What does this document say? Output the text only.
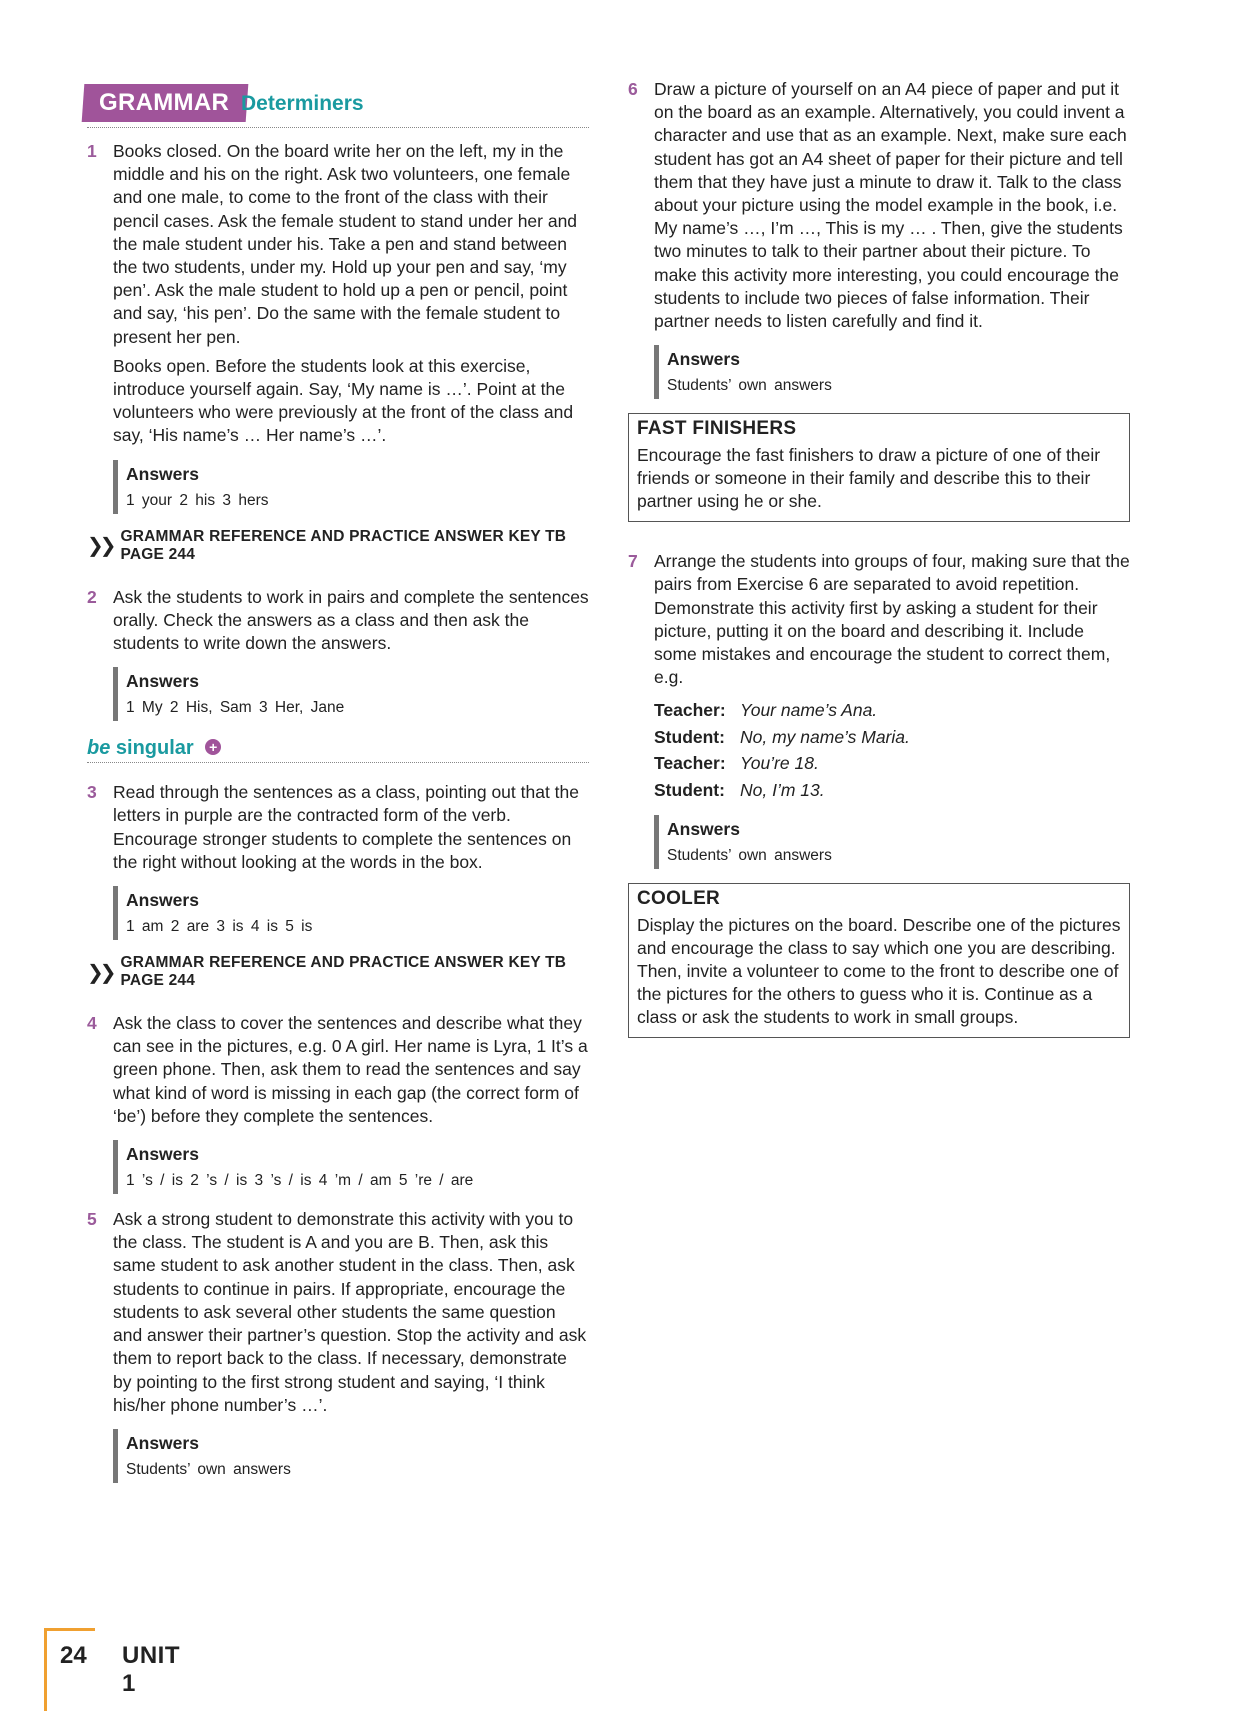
GRAMMAR Determiners
1 Books closed. On the board write her on the left, my in the middle and his on the right. Ask two volunteers, one female and one male, to come to the front of the class with their pencil cases. Ask the female student to stand under her and the male student under his. Take a pen and stand between the two students, under my. Hold up your pen and say, ‘my pen’. Ask the male student to hold up a pen or pencil, point and say, ‘his pen’. Do the same with the female student to present her pen.

Books open. Before the students look at this exercise, introduce yourself again. Say, ‘My name is …’. Point at the volunteers who were previously at the front of the class and say, ‘His name’s … Her name’s …’.

Answers
1 your 2 his 3 hers
❯❯ GRAMMAR REFERENCE AND PRACTICE ANSWER KEY TB PAGE 244
2 Ask the students to work in pairs and complete the sentences orally. Check the answers as a class and then ask the students to write down the answers.

Answers
1 My 2 His, Sam 3 Her, Jane
be singular +
3 Read through the sentences as a class, pointing out that the letters in purple are the contracted form of the verb. Encourage stronger students to complete the sentences on the right without looking at the words in the box.

Answers
1 am 2 are 3 is 4 is 5 is
❯❯ GRAMMAR REFERENCE AND PRACTICE ANSWER KEY TB PAGE 244
4 Ask the class to cover the sentences and describe what they can see in the pictures, e.g. 0 A girl. Her name is Lyra, 1 It’s a green phone. Then, ask them to read the sentences and say what kind of word is missing in each gap (the correct form of ‘be’) before they complete the sentences.

Answers
1 ’s / is 2 ’s / is 3 ’s / is 4 ’m / am 5 ’re / are
5 Ask a strong student to demonstrate this activity with you to the class. The student is A and you are B. Then, ask this same student to ask another student in the class. Then, ask students to continue in pairs. If appropriate, encourage the students to ask several other students the same question and answer their partner’s question. Stop the activity and ask them to report back to the class. If necessary, demonstrate by pointing to the first strong student and saying, ‘I think his/her phone number’s …’.

Answers
Students’ own answers
6 Draw a picture of yourself on an A4 piece of paper and put it on the board as an example. Alternatively, you could invent a character and use that as an example. Next, make sure each student has got an A4 sheet of paper for their picture and tell them that they have just a minute to draw it. Talk to the class about your picture using the model example in the book, i.e. My name’s …, I’m …, This is my … . Then, give the students two minutes to talk to their partner about their picture. To make this activity more interesting, you could encourage the students to include two pieces of false information. Their partner needs to listen carefully and find it.

Answers
Students’ own answers
FAST FINISHERS
Encourage the fast finishers to draw a picture of one of their friends or someone in their family and describe this to their partner using he or she.
7 Arrange the students into groups of four, making sure that the pairs from Exercise 6 are separated to avoid repetition. Demonstrate this activity first by asking a student for their picture, putting it on the board and describing it. Include some mistakes and encourage the student to correct them, e.g.

Teacher: Your name’s Ana.
Student: No, my name’s Maria.
Teacher: You’re 18.
Student: No, I’m 13.
Answers
Students’ own answers
COOLER
Display the pictures on the board. Describe one of the pictures and encourage the class to say which one you are describing. Then, invite a volunteer to come to the front to describe one of the pictures for the others to guess who it is. Continue as a class or ask the students to work in small groups.
24 UNIT 1
